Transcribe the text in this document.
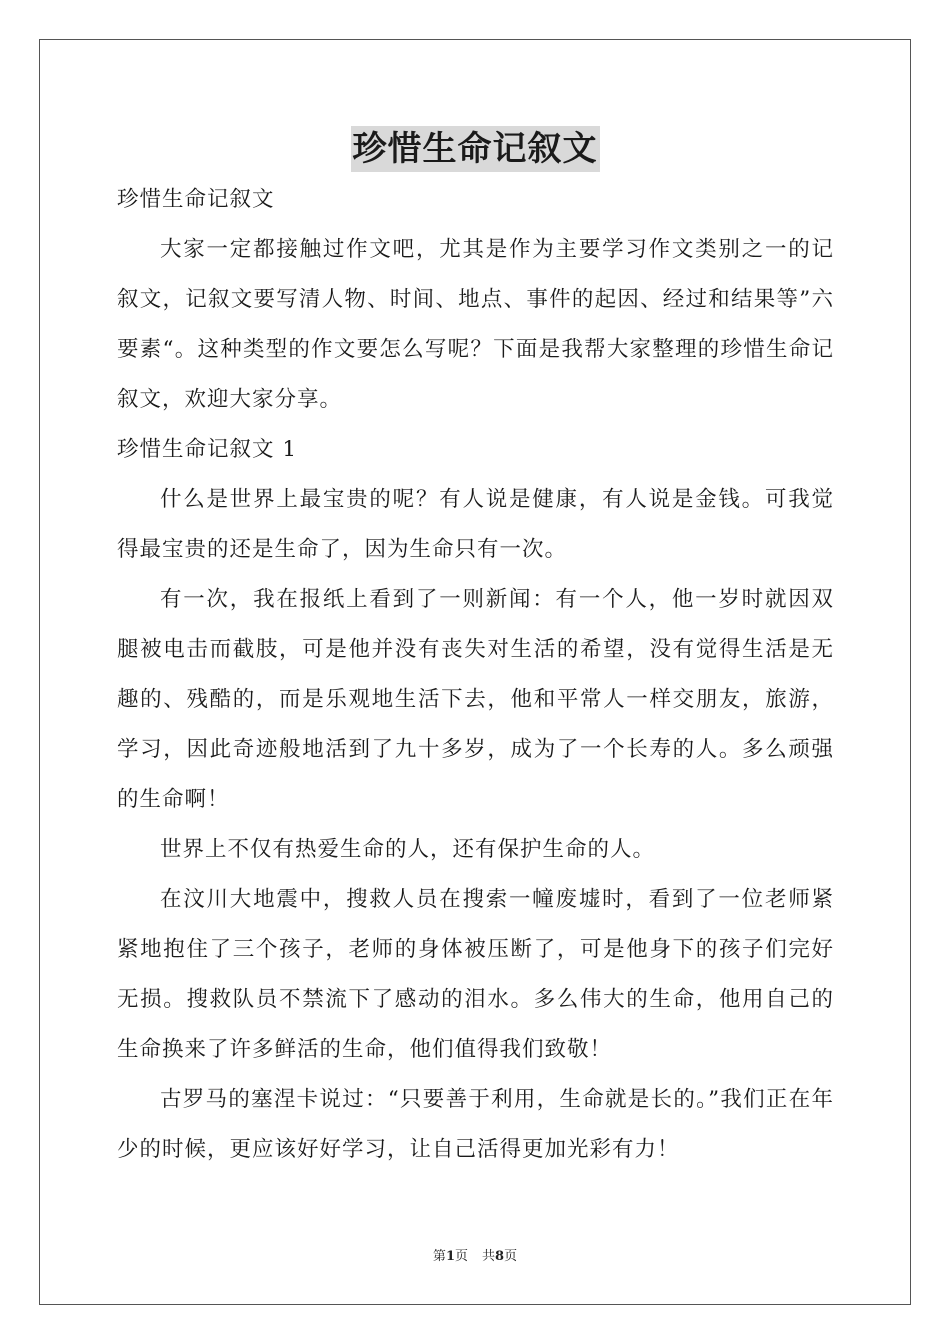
珍惜生命记叙文

珍惜生命记叙文

大家一定都接触过作文吧，尤其是作为主要学习作文类别之一的记叙文，记叙文要写清人物、时间、地点、事件的起因、经过和结果等”六要素“。这种类型的作文要怎么写呢？下面是我帮大家整理的珍惜生命记叙文，欢迎大家分享。

珍惜生命记叙文 1

什么是世界上最宝贵的呢？有人说是健康，有人说是金钱。可我觉得最宝贵的还是生命了，因为生命只有一次。

有一次，我在报纸上看到了一则新闻：有一个人，他一岁时就因双腿被电击而截肢，可是他并没有丧失对生活的希望，没有觉得生活是无趣的、残酷的，而是乐观地生活下去，他和平常人一样交朋友，旅游，学习，因此奇迹般地活到了九十多岁，成为了一个长寿的人。多么顽强的生命啊！

世界上不仅有热爱生命的人，还有保护生命的人。

在汶川大地震中，搜救人员在搜索一幢废墟时，看到了一位老师紧紧地抱住了三个孩子，老师的身体被压断了，可是他身下的孩子们完好无损。搜救队员不禁流下了感动的泪水。多么伟大的生命，他用自己的生命换来了许多鲜活的生命，他们值得我们致敬！

古罗马的塞涅卡说过：“只要善于利用，生命就是长的。”我们正在年少的时候，更应该好好学习，让自己活得更加光彩有力！

第1页 共8页
